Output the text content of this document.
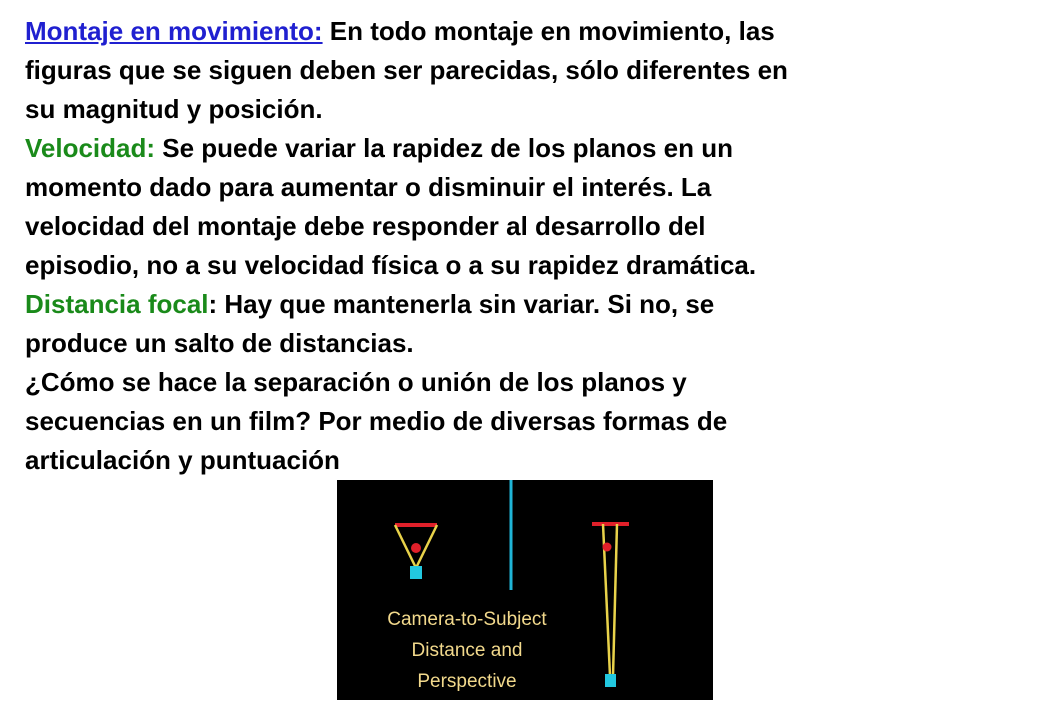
Montaje en movimiento: En todo montaje en movimiento, las
figuras que se siguen deben ser parecidas, sólo diferentes en
su magnitud y posición.
Velocidad: Se puede variar la rapidez de los planos en un
momento dado para aumentar o disminuir el interés. La
velocidad del montaje debe responder al desarrollo del
episodio, no a su velocidad física o a su rapidez dramática.
Distancia focal: Hay que mantenerla sin variar. Si no, se
produce un salto de distancias.
¿Cómo se hace la separación o unión de los planos y
secuencias en un film? Por medio de diversas formas de
articulación y puntuación
Camera-to-Subject
Distance and
Perspective
